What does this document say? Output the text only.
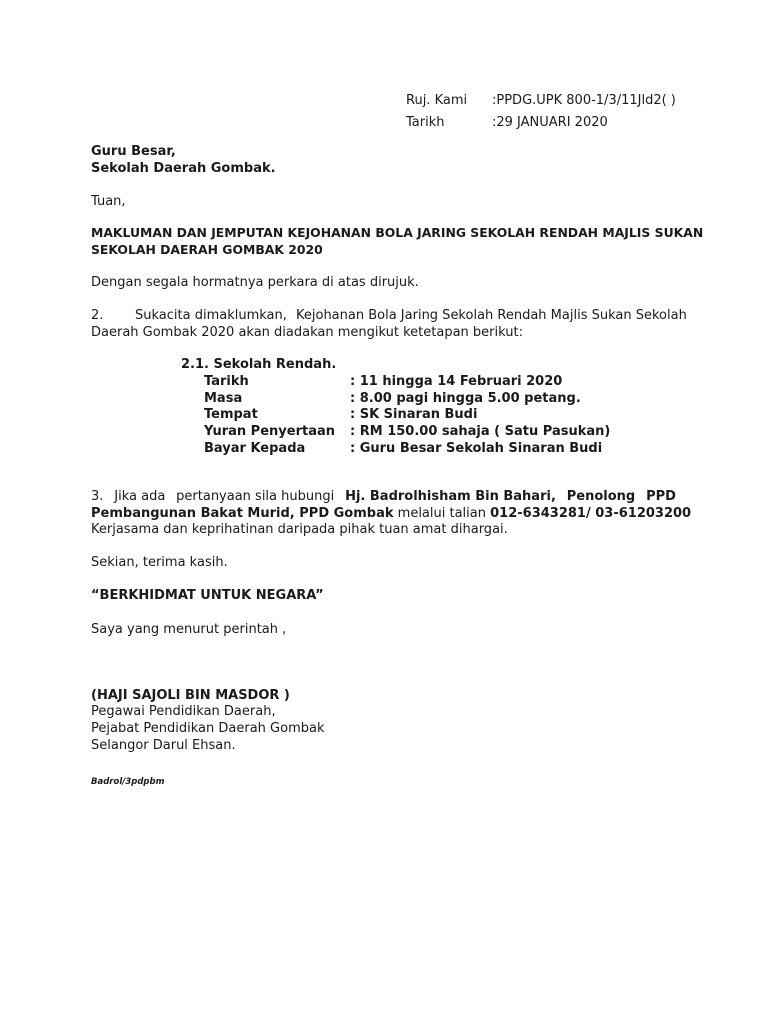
Ruj. Kami :PPDG.UPK 800-1/3/11Jld2( )
Tarikh	:29 JANUARI 2020
Guru Besar,
Sekolah Daerah Gombak.
Tuan,
MAKLUMAN DAN JEMPUTAN KEJOHANAN BOLA JARING SEKOLAH RENDAH MAJLIS SUKAN
SEKOLAH DAERAH GOMBAK 2020
Dengan segala hormatnya perkara di atas dirujuk.
2. Sukacita dimaklumkan, Kejohanan Bola Jaring Sekolah Rendah Majlis Sukan Sekolah
Daerah Gombak 2020 akan diadakan mengikut ketetapan berikut:
2.1. Sekolah Rendah.
Tarikh	: 11 hingga 14 Februari 2020
Masa	: 8.00 pagi hingga 5.00 petang.
Tempat	: SK Sinaran Budi
Yuran Penyertaan : RM 150.00 sahaja ( Satu Pasukan)
Bayar Kepada	: Guru Besar Sekolah Sinaran Budi
3. Jika ada pertanyaan sila hubungi Hj. Badrolhisham Bin Bahari, Penolong PPD
Pembangunan Bakat Murid, PPD Gombak melalui talian 012-6343281/ 03-61203200
Kerjasama dan keprihatinan daripada pihak tuan amat dihargai.
Sekian, terima kasih.
“BERKHIDMAT UNTUK NEGARA”
Saya yang menurut perintah ,
(HAJI SAJOLI BIN MASDOR )
Pegawai Pendidikan Daerah,
Pejabat Pendidikan Daerah Gombak
Selangor Darul Ehsan.
Badrol/3pdpbm
